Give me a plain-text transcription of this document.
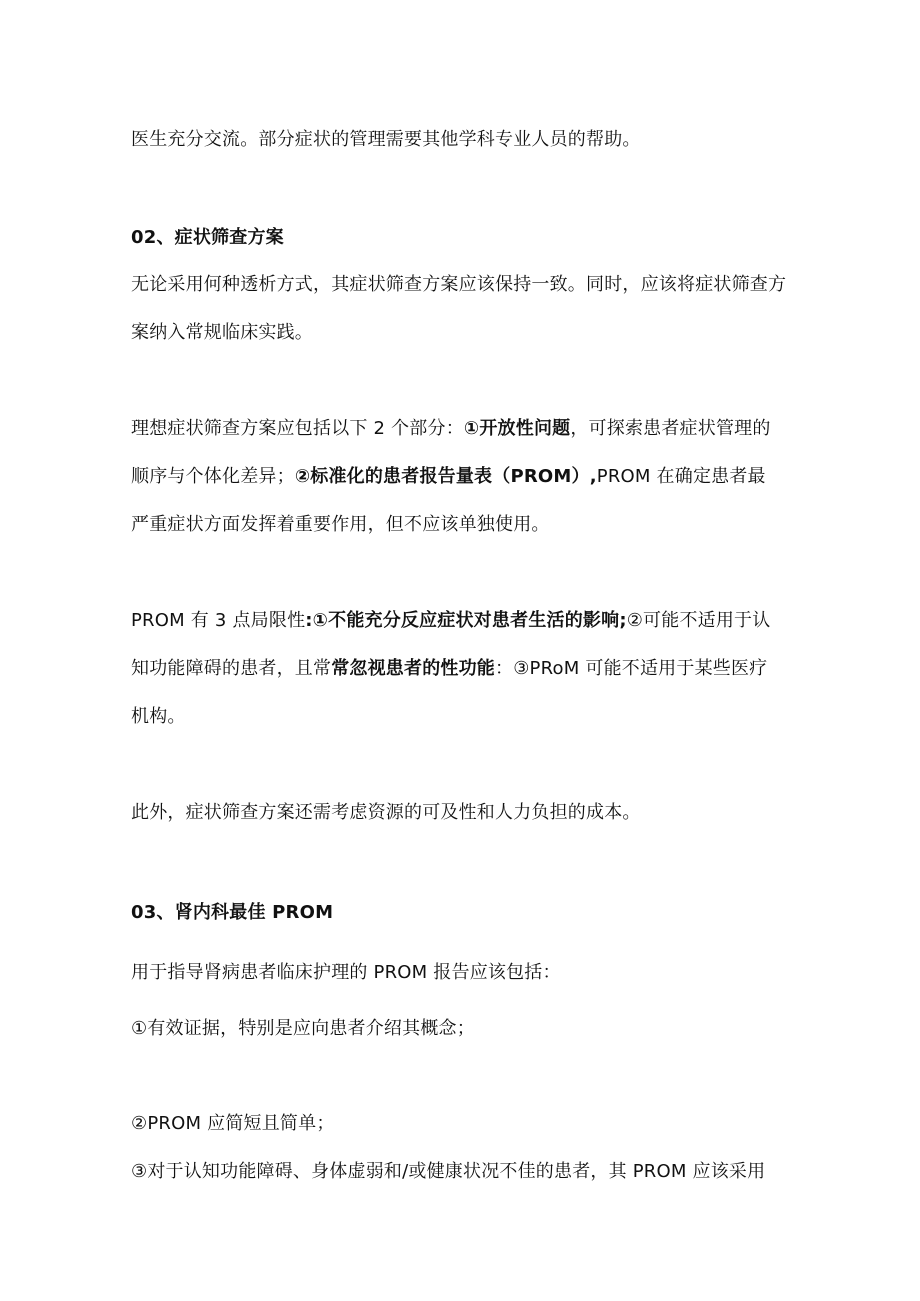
医生充分交流。部分症状的管理需要其他学科专业人员的帮助。
02、症状筛查方案
无论采用何种透析方式，其症状筛查方案应该保持一致。同时，应该将症状筛查方
案纳入常规临床实践。
理想症状筛查方案应包括以下 2 个部分：①开放性问题，可探索患者症状管理的
顺序与个体化差异；②标准化的患者报告量表（PROM）,PROM 在确定患者最
严重症状方面发挥着重要作用，但不应该单独使用。
PROM 有 3 点局限性:①不能充分反应症状对患者生活的影响;②可能不适用于认
知功能障碍的患者，且常常忽视患者的性功能：③PRoM 可能不适用于某些医疗
机构。
此外，症状筛查方案还需考虑资源的可及性和人力负担的成本。
03、肾内科最佳 PROM
用于指导肾病患者临床护理的 PROM 报告应该包括：
①有效证据，特别是应向患者介绍其概念；
②PROM 应简短且简单；
③对于认知功能障碍、身体虚弱和/或健康状况不佳的患者，其 PROM 应该采用
